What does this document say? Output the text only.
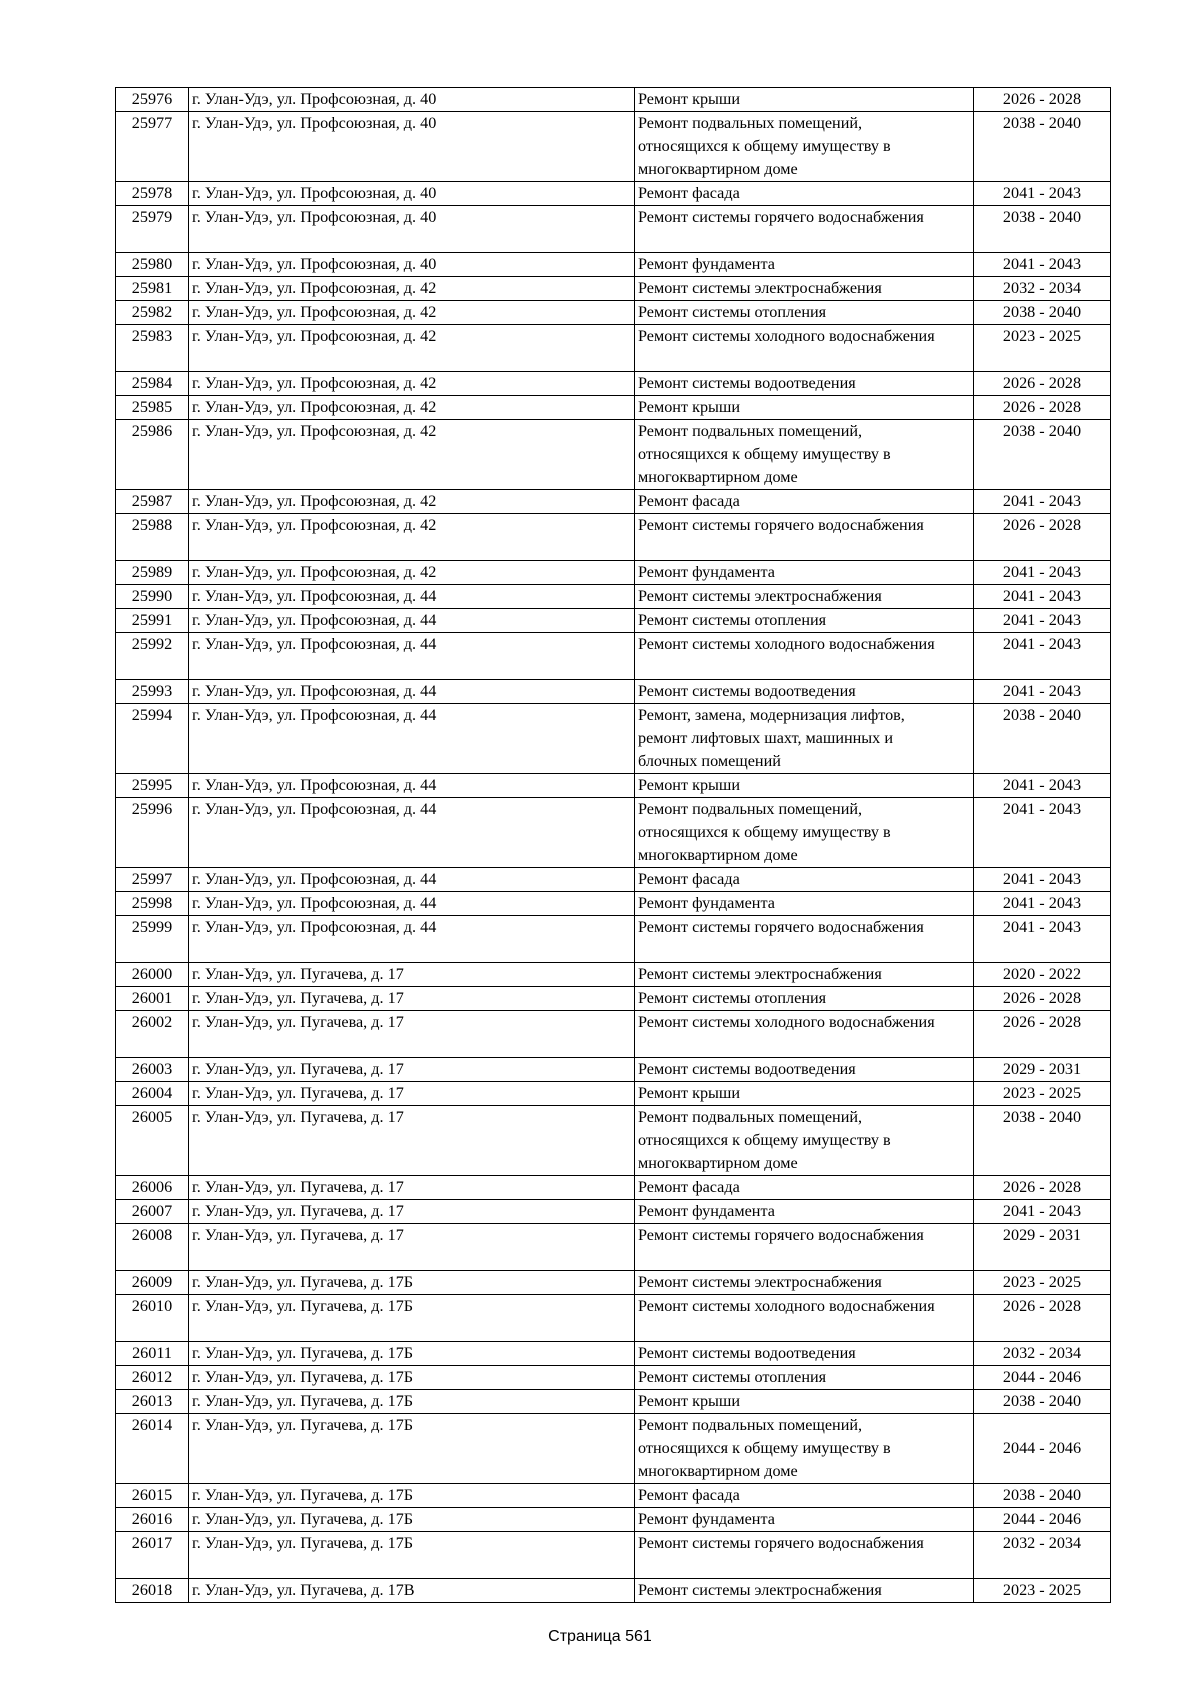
25976	г. Улан-Удэ, ул. Профсоюзная, д. 40	Ремонт крыши	2026 - 2028
25977	г. Улан-Удэ, ул. Профсоюзная, д. 40	Ремонт подвальных помещений,
относящихся к общему имуществу в
многоквартирном доме	2038 - 2040
25978	г. Улан-Удэ, ул. Профсоюзная, д. 40	Ремонт фасада	2041 - 2043
25979	г. Улан-Удэ, ул. Профсоюзная, д. 40	Ремонт системы горячего водоснабжения	2038 - 2040
25980	г. Улан-Удэ, ул. Профсоюзная, д. 40	Ремонт фундамента	2041 - 2043
25981	г. Улан-Удэ, ул. Профсоюзная, д. 42	Ремонт системы электроснабжения	2032 - 2034
25982	г. Улан-Удэ, ул. Профсоюзная, д. 42	Ремонт системы отопления	2038 - 2040
25983	г. Улан-Удэ, ул. Профсоюзная, д. 42	Ремонт системы холодного водоснабжения	2023 - 2025
25984	г. Улан-Удэ, ул. Профсоюзная, д. 42	Ремонт системы водоотведения	2026 - 2028
25985	г. Улан-Удэ, ул. Профсоюзная, д. 42	Ремонт крыши	2026 - 2028
25986	г. Улан-Удэ, ул. Профсоюзная, д. 42	Ремонт подвальных помещений,
относящихся к общему имуществу в
многоквартирном доме	2038 - 2040
25987	г. Улан-Удэ, ул. Профсоюзная, д. 42	Ремонт фасада	2041 - 2043
25988	г. Улан-Удэ, ул. Профсоюзная, д. 42	Ремонт системы горячего водоснабжения	2026 - 2028
25989	г. Улан-Удэ, ул. Профсоюзная, д. 42	Ремонт фундамента	2041 - 2043
25990	г. Улан-Удэ, ул. Профсоюзная, д. 44	Ремонт системы электроснабжения	2041 - 2043
25991	г. Улан-Удэ, ул. Профсоюзная, д. 44	Ремонт системы отопления	2041 - 2043
25992	г. Улан-Удэ, ул. Профсоюзная, д. 44	Ремонт системы холодного водоснабжения	2041 - 2043
25993	г. Улан-Удэ, ул. Профсоюзная, д. 44	Ремонт системы водоотведения	2041 - 2043
25994	г. Улан-Удэ, ул. Профсоюзная, д. 44	Ремонт, замена, модернизация лифтов,
ремонт лифтовых шахт, машинных и
блочных помещений	2038 - 2040
25995	г. Улан-Удэ, ул. Профсоюзная, д. 44	Ремонт крыши	2041 - 2043
25996	г. Улан-Удэ, ул. Профсоюзная, д. 44	Ремонт подвальных помещений,
относящихся к общему имуществу в
многоквартирном доме	2041 - 2043
25997	г. Улан-Удэ, ул. Профсоюзная, д. 44	Ремонт фасада	2041 - 2043
25998	г. Улан-Удэ, ул. Профсоюзная, д. 44	Ремонт фундамента	2041 - 2043
25999	г. Улан-Удэ, ул. Профсоюзная, д. 44	Ремонт системы горячего водоснабжения	2041 - 2043
26000	г. Улан-Удэ, ул. Пугачева, д. 17	Ремонт системы электроснабжения	2020 - 2022
26001	г. Улан-Удэ, ул. Пугачева, д. 17	Ремонт системы отопления	2026 - 2028
26002	г. Улан-Удэ, ул. Пугачева, д. 17	Ремонт системы холодного водоснабжения	2026 - 2028
26003	г. Улан-Удэ, ул. Пугачева, д. 17	Ремонт системы водоотведения	2029 - 2031
26004	г. Улан-Удэ, ул. Пугачева, д. 17	Ремонт крыши	2023 - 2025
26005	г. Улан-Удэ, ул. Пугачева, д. 17	Ремонт подвальных помещений,
относящихся к общему имуществу в
многоквартирном доме	2038 - 2040
26006	г. Улан-Удэ, ул. Пугачева, д. 17	Ремонт фасада	2026 - 2028
26007	г. Улан-Удэ, ул. Пугачева, д. 17	Ремонт фундамента	2041 - 2043
26008	г. Улан-Удэ, ул. Пугачева, д. 17	Ремонт системы горячего водоснабжения	2029 - 2031
26009	г. Улан-Удэ, ул. Пугачева, д. 17Б	Ремонт системы электроснабжения	2023 - 2025
26010	г. Улан-Удэ, ул. Пугачева, д. 17Б	Ремонт системы холодного водоснабжения	2026 - 2028
26011	г. Улан-Удэ, ул. Пугачева, д. 17Б	Ремонт системы водоотведения	2032 - 2034
26012	г. Улан-Удэ, ул. Пугачева, д. 17Б	Ремонт системы отопления	2044 - 2046
26013	г. Улан-Удэ, ул. Пугачева, д. 17Б	Ремонт крыши	2038 - 2040
26014	г. Улан-Удэ, ул. Пугачева, д. 17Б	Ремонт подвальных помещений,
относящихся к общему имуществу в
многоквартирном доме	2044 - 2046
26015	г. Улан-Удэ, ул. Пугачева, д. 17Б	Ремонт фасада	2038 - 2040
26016	г. Улан-Удэ, ул. Пугачева, д. 17Б	Ремонт фундамента	2044 - 2046
26017	г. Улан-Удэ, ул. Пугачева, д. 17Б	Ремонт системы горячего водоснабжения	2032 - 2034
26018	г. Улан-Удэ, ул. Пугачева, д. 17В	Ремонт системы электроснабжения	2023 - 2025
Страница 561
